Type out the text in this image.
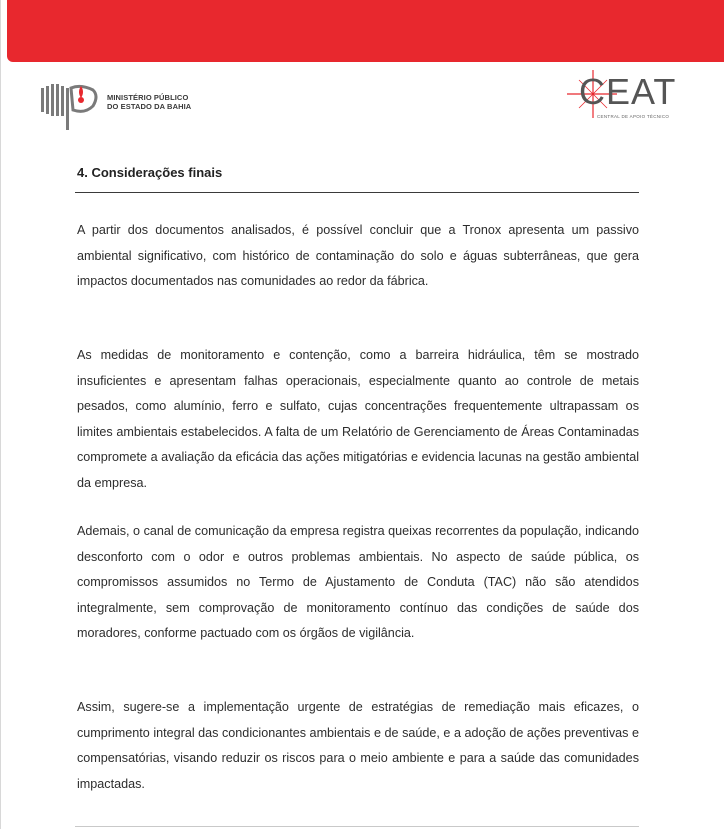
MINISTÉRIO PÚBLICO
DO ESTADO DA BAHIA	CEAT
CENTRAL DE APOIO TÉCNICO
4. Considerações finais

A partir dos documentos analisados, é possível concluir que a Tronox apresenta um passivo ambiental significativo, com histórico de contaminação do solo e águas subterrâneas, que gera impactos documentados nas comunidades ao redor da fábrica.

As medidas de monitoramento e contenção, como a barreira hidráulica, têm se mostrado insuficientes e apresentam falhas operacionais, especialmente quanto ao controle de metais pesados, como alumínio, ferro e sulfato, cujas concentrações frequentemente ultrapassam os limites ambientais estabelecidos. A falta de um Relatório de Gerenciamento de Áreas Contaminadas compromete a avaliação da eficácia das ações mitigatórias e evidencia lacunas na gestão ambiental da empresa.

Ademais, o canal de comunicação da empresa registra queixas recorrentes da população, indicando desconforto com o odor e outros problemas ambientais. No aspecto de saúde pública, os compromissos assumidos no Termo de Ajustamento de Conduta (TAC) não são atendidos integralmente, sem comprovação de monitoramento contínuo das condições de saúde dos moradores, conforme pactuado com os órgãos de vigilância.

Assim, sugere-se a implementação urgente de estratégias de remediação mais eficazes, o cumprimento integral das condicionantes ambientais e de saúde, e a adoção de ações preventivas e compensatórias, visando reduzir os riscos para o meio ambiente e para a saúde das comunidades impactadas.
